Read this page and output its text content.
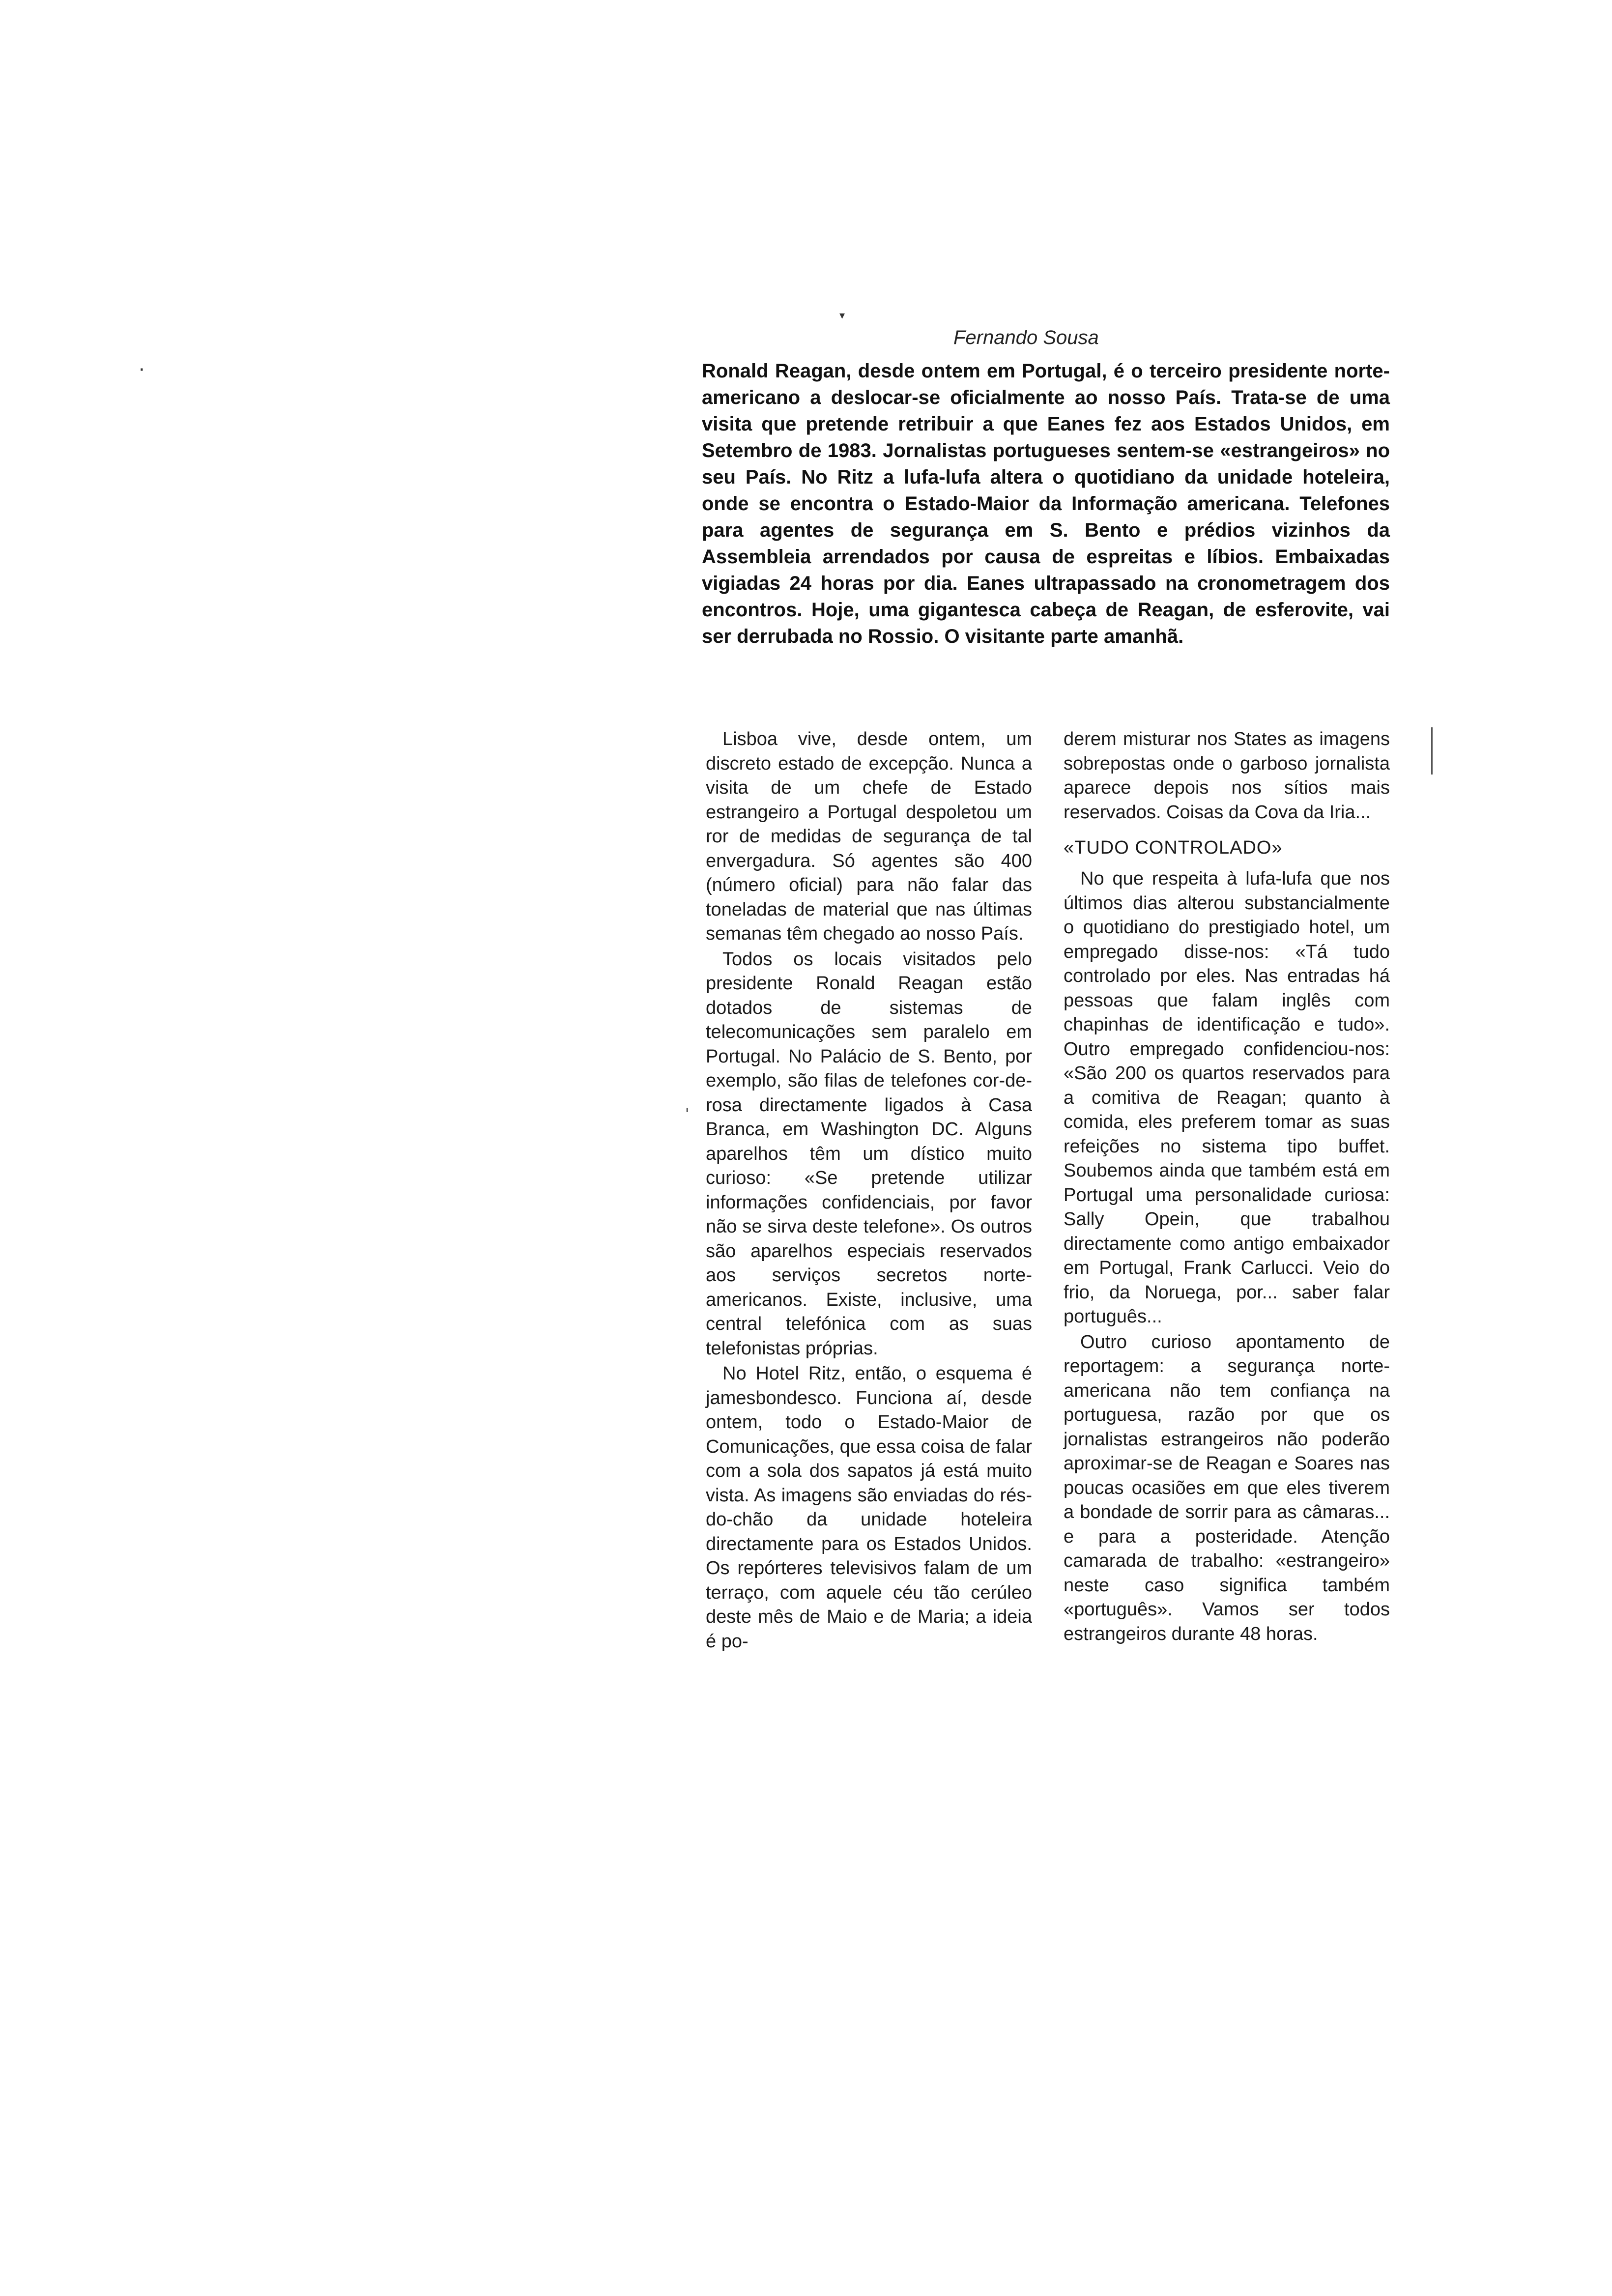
▾
·
'
Fernando Sousa
Ronald Reagan, desde ontem em Portugal, é o terceiro presidente norte-americano a deslocar-se oficialmente ao nosso País. Trata-se de uma visita que pretende retribuir a que Eanes fez aos Estados Unidos, em Setembro de 1983. Jornalistas portugueses sentem-se «estrangeiros» no seu País. No Ritz a lufa-lufa altera o quotidiano da unidade hoteleira, onde se encontra o Estado-Maior da Informação americana. Telefones para agentes de segurança em S. Bento e prédios vizinhos da Assembleia arrendados por causa de espreitas e líbios. Embaixadas vigiadas 24 horas por dia. Eanes ultrapassado na cronometragem dos encontros. Hoje, uma gigantesca cabeça de Reagan, de esferovite, vai ser derrubada no Rossio. O visitante parte amanhã.

Lisboa vive, desde ontem, um discreto estado de excepção. Nunca a visita de um chefe de Estado estrangeiro a Portugal despoletou um ror de medidas de segurança de tal envergadura. Só agentes são 400 (número oficial) para não falar das toneladas de material que nas últimas semanas têm chegado ao nosso País.

Todos os locais visitados pelo presidente Ronald Reagan estão dotados de sistemas de telecomunicações sem paralelo em Portugal. No Palácio de S. Bento, por exemplo, são filas de telefones cor-de-rosa directamente ligados à Casa Branca, em Washington DC. Alguns aparelhos têm um dístico muito curioso: «Se pretende utilizar informações confidenciais, por favor não se sirva deste telefone». Os outros são aparelhos especiais reservados aos serviços secretos norte-americanos. Existe, inclusive, uma central telefónica com as suas telefonistas próprias.

No Hotel Ritz, então, o esquema é jamesbondesco. Funciona aí, desde ontem, todo o Estado-Maior de Comunicações, que essa coisa de falar com a sola dos sapatos já está muito vista. As imagens são enviadas do rés-do-chão da unidade hoteleira directamente para os Estados Unidos. Os repórteres televisivos falam de um terraço, com aquele céu tão cerúleo deste mês de Maio e de Maria; a ideia é po-

derem misturar nos States as imagens sobrepostas onde o garboso jornalista aparece depois nos sítios mais reservados. Coisas da Cova da Iria...

«TUDO CONTROLADO»

No que respeita à lufa-lufa que nos últimos dias alterou substancialmente o quotidiano do prestigiado hotel, um empregado disse-nos: «Tá tudo controlado por eles. Nas entradas há pessoas que falam inglês com chapinhas de identificação e tudo». Outro empregado confidenciou-nos: «São 200 os quartos reservados para a comitiva de Reagan; quanto à comida, eles preferem tomar as suas refeições no sistema tipo buffet. Soubemos ainda que também está em Portugal uma personalidade curiosa: Sally Opein, que trabalhou directamente como antigo embaixador em Portugal, Frank Carlucci. Veio do frio, da Noruega, por... saber falar português...

Outro curioso apontamento de reportagem: a segurança norte-americana não tem confiança na portuguesa, razão por que os jornalistas estrangeiros não poderão aproximar-se de Reagan e Soares nas poucas ocasiões em que eles tiverem a bondade de sorrir para as câmaras... e para a posteridade. Atenção camarada de trabalho: «estrangeiro» neste caso significa também «português». Vamos ser todos estrangeiros durante 48 horas.
